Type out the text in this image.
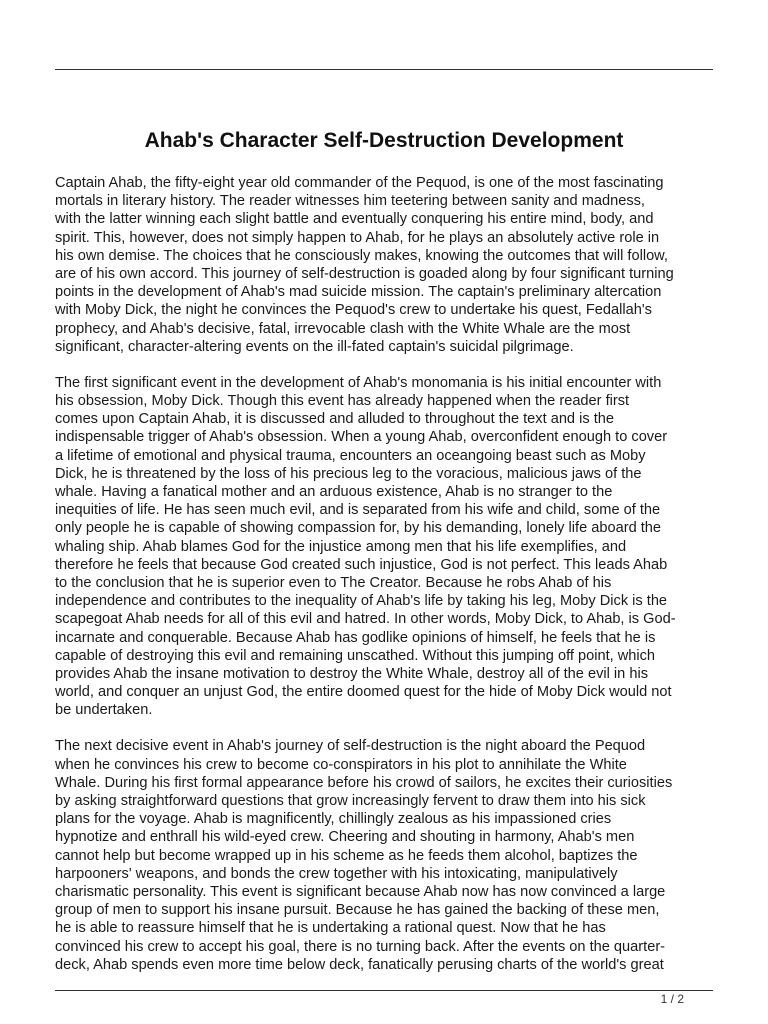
Ahab's Character Self-Destruction Development

Captain Ahab, the fifty-eight year old commander of the Pequod, is one of the most fascinating
mortals in literary history. The reader witnesses him teetering between sanity and madness,
with the latter winning each slight battle and eventually conquering his entire mind, body, and
spirit. This, however, does not simply happen to Ahab, for he plays an absolutely active role in
his own demise. The choices that he consciously makes, knowing the outcomes that will follow,
are of his own accord. This journey of self-destruction is goaded along by four significant turning
points in the development of Ahab's mad suicide mission. The captain's preliminary altercation
with Moby Dick, the night he convinces the Pequod's crew to undertake his quest, Fedallah's
prophecy, and Ahab's decisive, fatal, irrevocable clash with the White Whale are the most
significant, character-altering events on the ill-fated captain's suicidal pilgrimage.

The first significant event in the development of Ahab's monomania is his initial encounter with
his obsession, Moby Dick. Though this event has already happened when the reader first
comes upon Captain Ahab, it is discussed and alluded to throughout the text and is the
indispensable trigger of Ahab's obsession. When a young Ahab, overconfident enough to cover
a lifetime of emotional and physical trauma, encounters an oceangoing beast such as Moby
Dick, he is threatened by the loss of his precious leg to the voracious, malicious jaws of the
whale. Having a fanatical mother and an arduous existence, Ahab is no stranger to the
inequities of life. He has seen much evil, and is separated from his wife and child, some of the
only people he is capable of showing compassion for, by his demanding, lonely life aboard the
whaling ship. Ahab blames God for the injustice among men that his life exemplifies, and
therefore he feels that because God created such injustice, God is not perfect. This leads Ahab
to the conclusion that he is superior even to The Creator. Because he robs Ahab of his
independence and contributes to the inequality of Ahab's life by taking his leg, Moby Dick is the
scapegoat Ahab needs for all of this evil and hatred. In other words, Moby Dick, to Ahab, is God-
incarnate and conquerable. Because Ahab has godlike opinions of himself, he feels that he is
capable of destroying this evil and remaining unscathed. Without this jumping off point, which
provides Ahab the insane motivation to destroy the White Whale, destroy all of the evil in his
world, and conquer an unjust God, the entire doomed quest for the hide of Moby Dick would not
be undertaken.

The next decisive event in Ahab's journey of self-destruction is the night aboard the Pequod
when he convinces his crew to become co-conspirators in his plot to annihilate the White
Whale. During his first formal appearance before his crowd of sailors, he excites their curiosities
by asking straightforward questions that grow increasingly fervent to draw them into his sick
plans for the voyage. Ahab is magnificently, chillingly zealous as his impassioned cries
hypnotize and enthrall his wild-eyed crew. Cheering and shouting in harmony, Ahab's men
cannot help but become wrapped up in his scheme as he feeds them alcohol, baptizes the
harpooners' weapons, and bonds the crew together with his intoxicating, manipulatively
charismatic personality. This event is significant because Ahab now has now convinced a large
group of men to support his insane pursuit. Because he has gained the backing of these men,
he is able to reassure himself that he is undertaking a rational quest. Now that he has
convinced his crew to accept his goal, there is no turning back. After the events on the quarter-
deck, Ahab spends even more time below deck, fanatically perusing charts of the world's great

1 / 2
